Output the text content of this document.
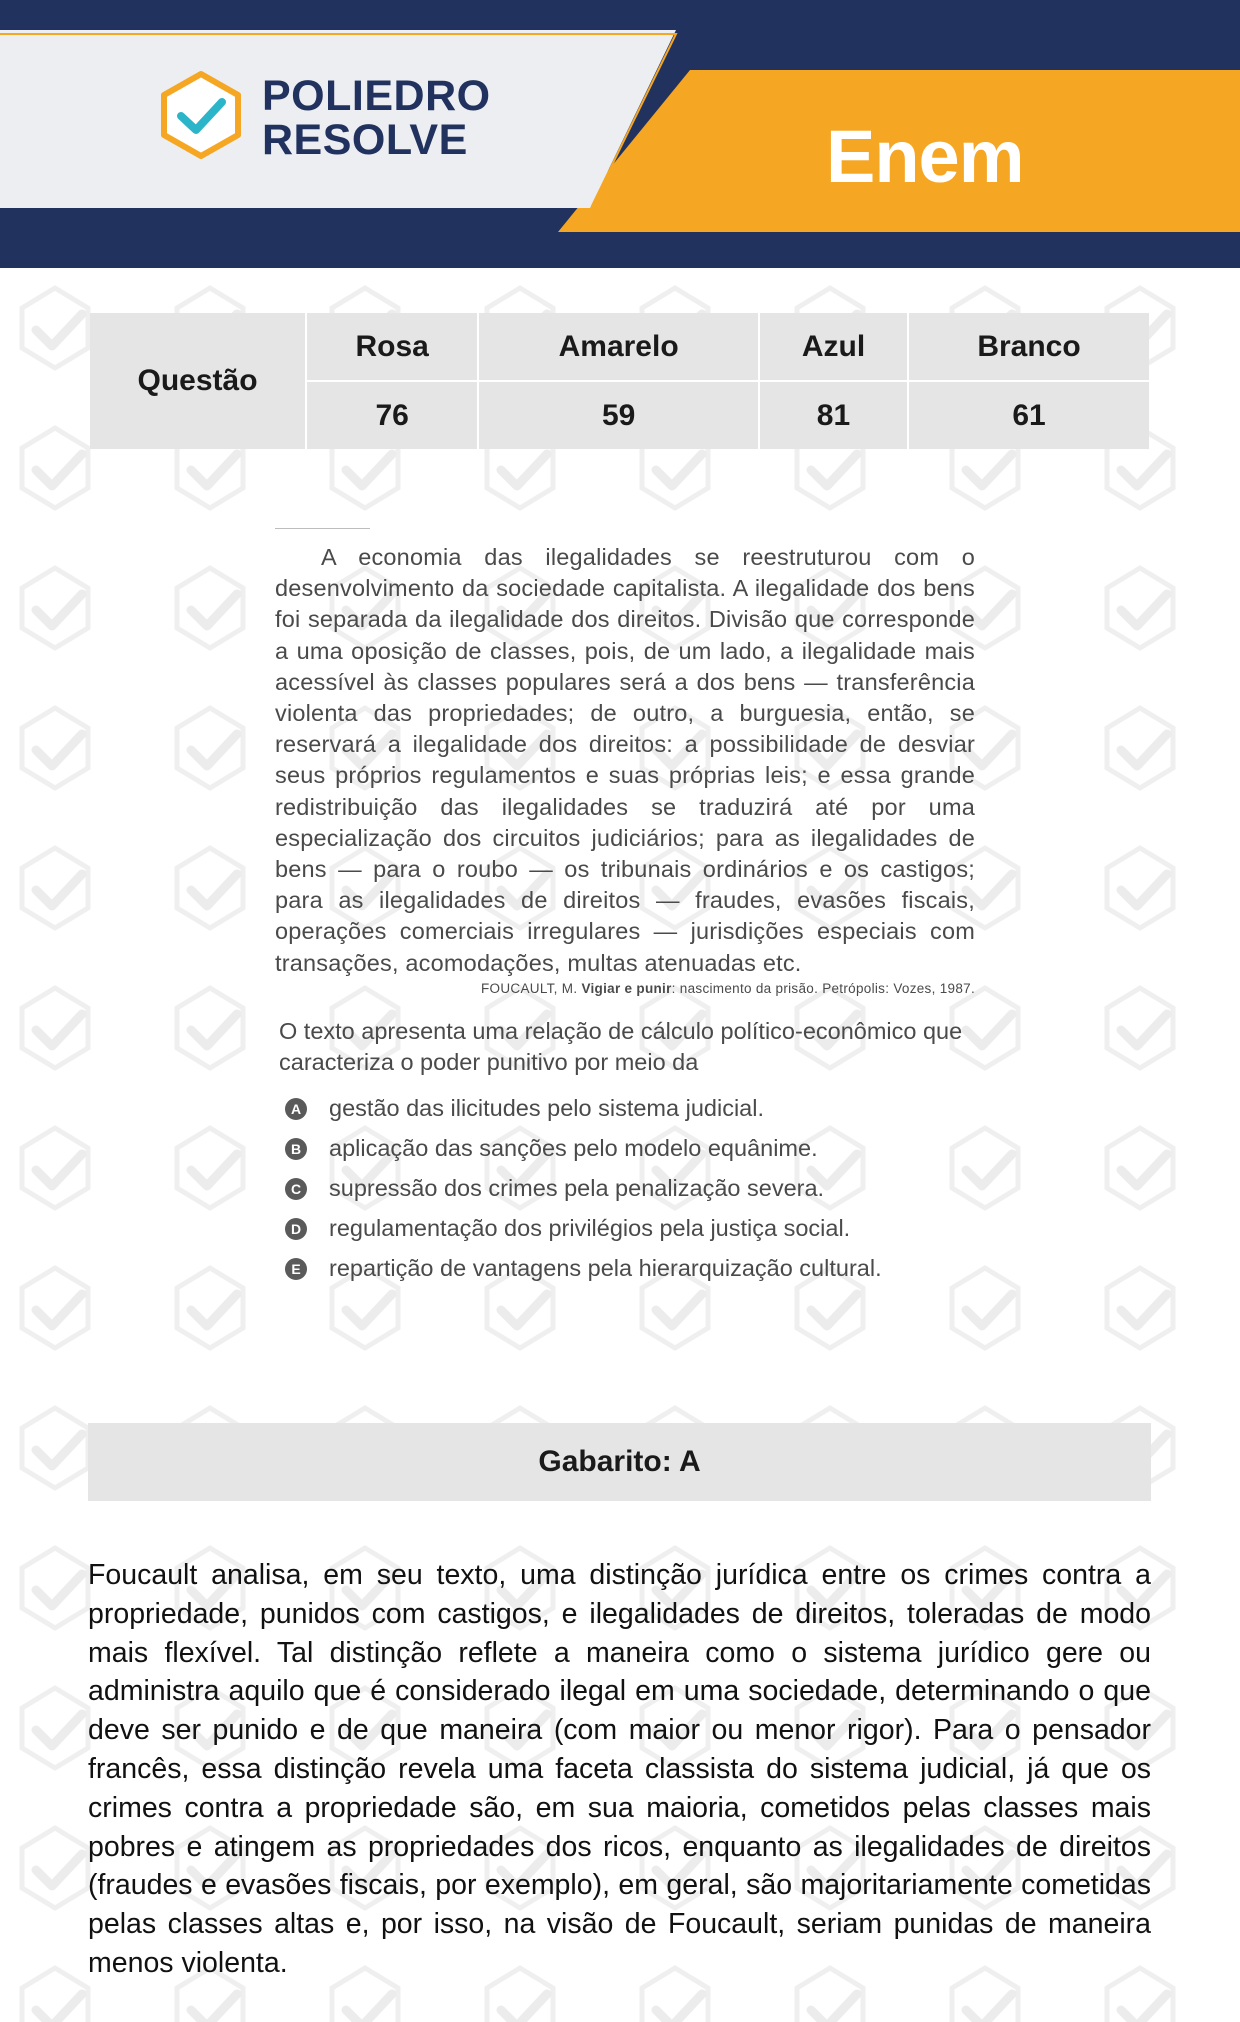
POLIEDRO
RESOLVE	Enem
Questão	Rosa	Amarelo	Azul	Branco
	76	59	81	61

A economia das ilegalidades se reestruturou com o desenvolvimento da sociedade capitalista. A ilegalidade dos bens foi separada da ilegalidade dos direitos. Divisão que corresponde a uma oposição de classes, pois, de um lado, a ilegalidade mais acessível às classes populares será a dos bens — transferência violenta das propriedades; de outro, a burguesia, então, se reservará a ilegalidade dos direitos: a possibilidade de desviar seus próprios regulamentos e suas próprias leis; e essa grande redistribuição das ilegalidades se traduzirá até por uma especialização dos circuitos judiciários; para as ilegalidades de bens — para o roubo — os tribunais ordinários e os castigos; para as ilegalidades de direitos — fraudes, evasões fiscais, operações comerciais irregulares — jurisdições especiais com transações, acomodações, multas atenuadas etc.

FOUCAULT, M. Vigiar e punir: nascimento da prisão. Petrópolis: Vozes, 1987.

O texto apresenta uma relação de cálculo político-econômico que caracteriza o poder punitivo por meio da

A gestão das ilicitudes pelo sistema judicial.
B aplicação das sanções pelo modelo equânime.
C supressão dos crimes pela penalização severa.
D regulamentação dos privilégios pela justiça social.
E repartição de vantagens pela hierarquização cultural.
Gabarito: A

Foucault analisa, em seu texto, uma distinção jurídica entre os crimes contra a propriedade, punidos com castigos, e ilegalidades de direitos, toleradas de modo mais flexível. Tal distinção reflete a maneira como o sistema jurídico gere ou administra aquilo que é considerado ilegal em uma sociedade, determinando o que deve ser punido e de que maneira (com maior ou menor rigor). Para o pensador francês, essa distinção revela uma faceta classista do sistema judicial, já que os crimes contra a propriedade são, em sua maioria, cometidos pelas classes mais pobres e atingem as propriedades dos ricos, enquanto as ilegalidades de direitos (fraudes e evasões fiscais, por exemplo), em geral, são majoritariamente cometidas pelas classes altas e, por isso, na visão de Foucault, seriam punidas de maneira menos violenta.
